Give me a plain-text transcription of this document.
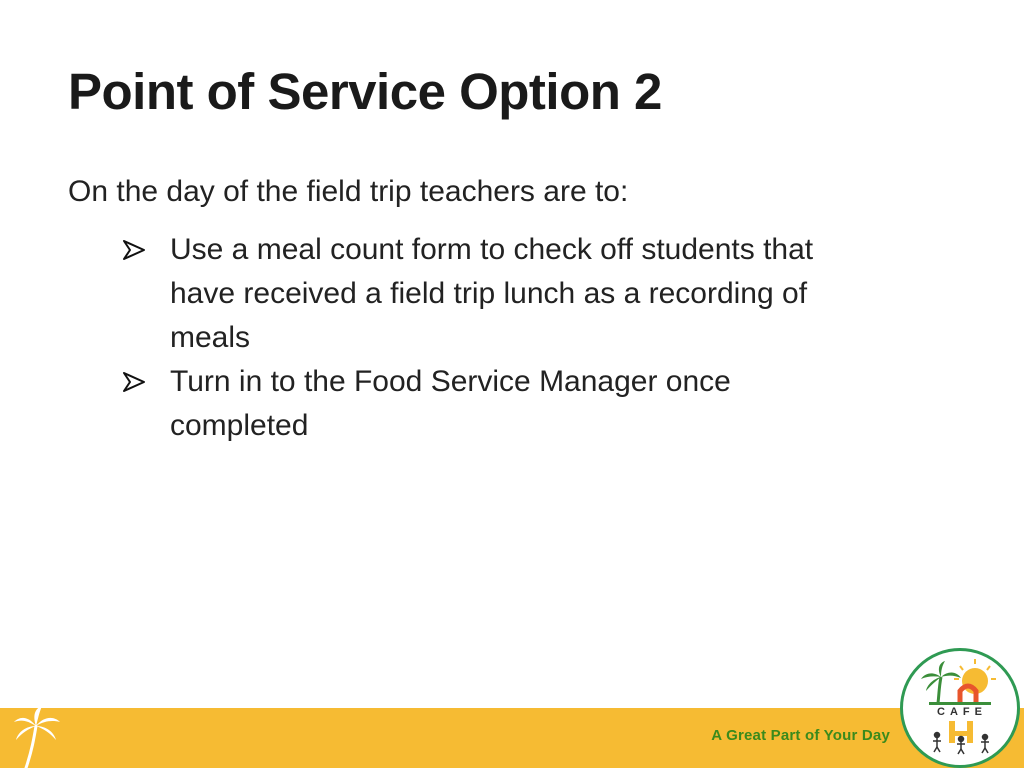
Point of Service Option 2

On the day of the field trip teachers are to:

Use a meal count form to check off students that
have received a field trip lunch as a recording of
meals
Turn in to the Food Service Manager once
completed
A Great Part of Your Day
CAFE
